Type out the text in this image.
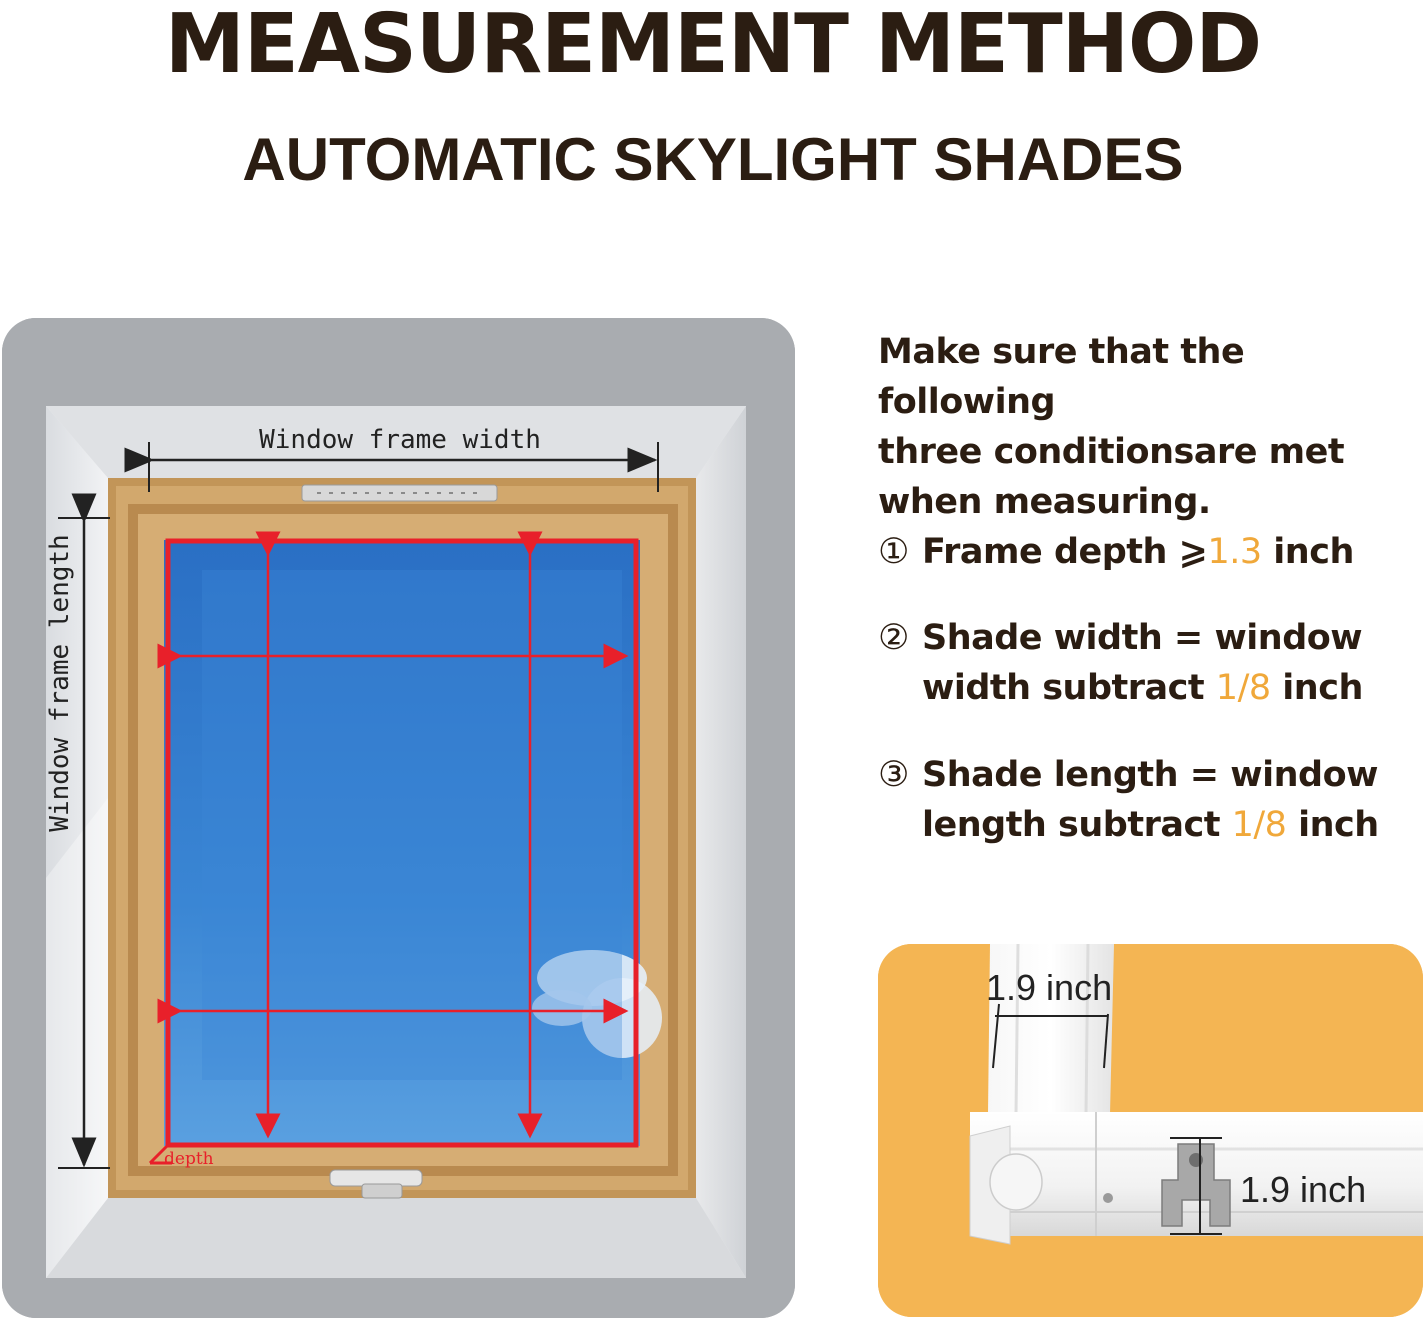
MEASUREMENT METHOD
AUTOMATIC SKYLIGHT SHADES
depth
Window frame width
Window frame length
Make sure that the following
three conditionsare met
when measuring.
① Frame depth ⩾1.3 inch
② Shade width = window
width subtract 1/8 inch
③ Shade length = window
length subtract 1/8 inch
1.9 inch
1.9 inch
